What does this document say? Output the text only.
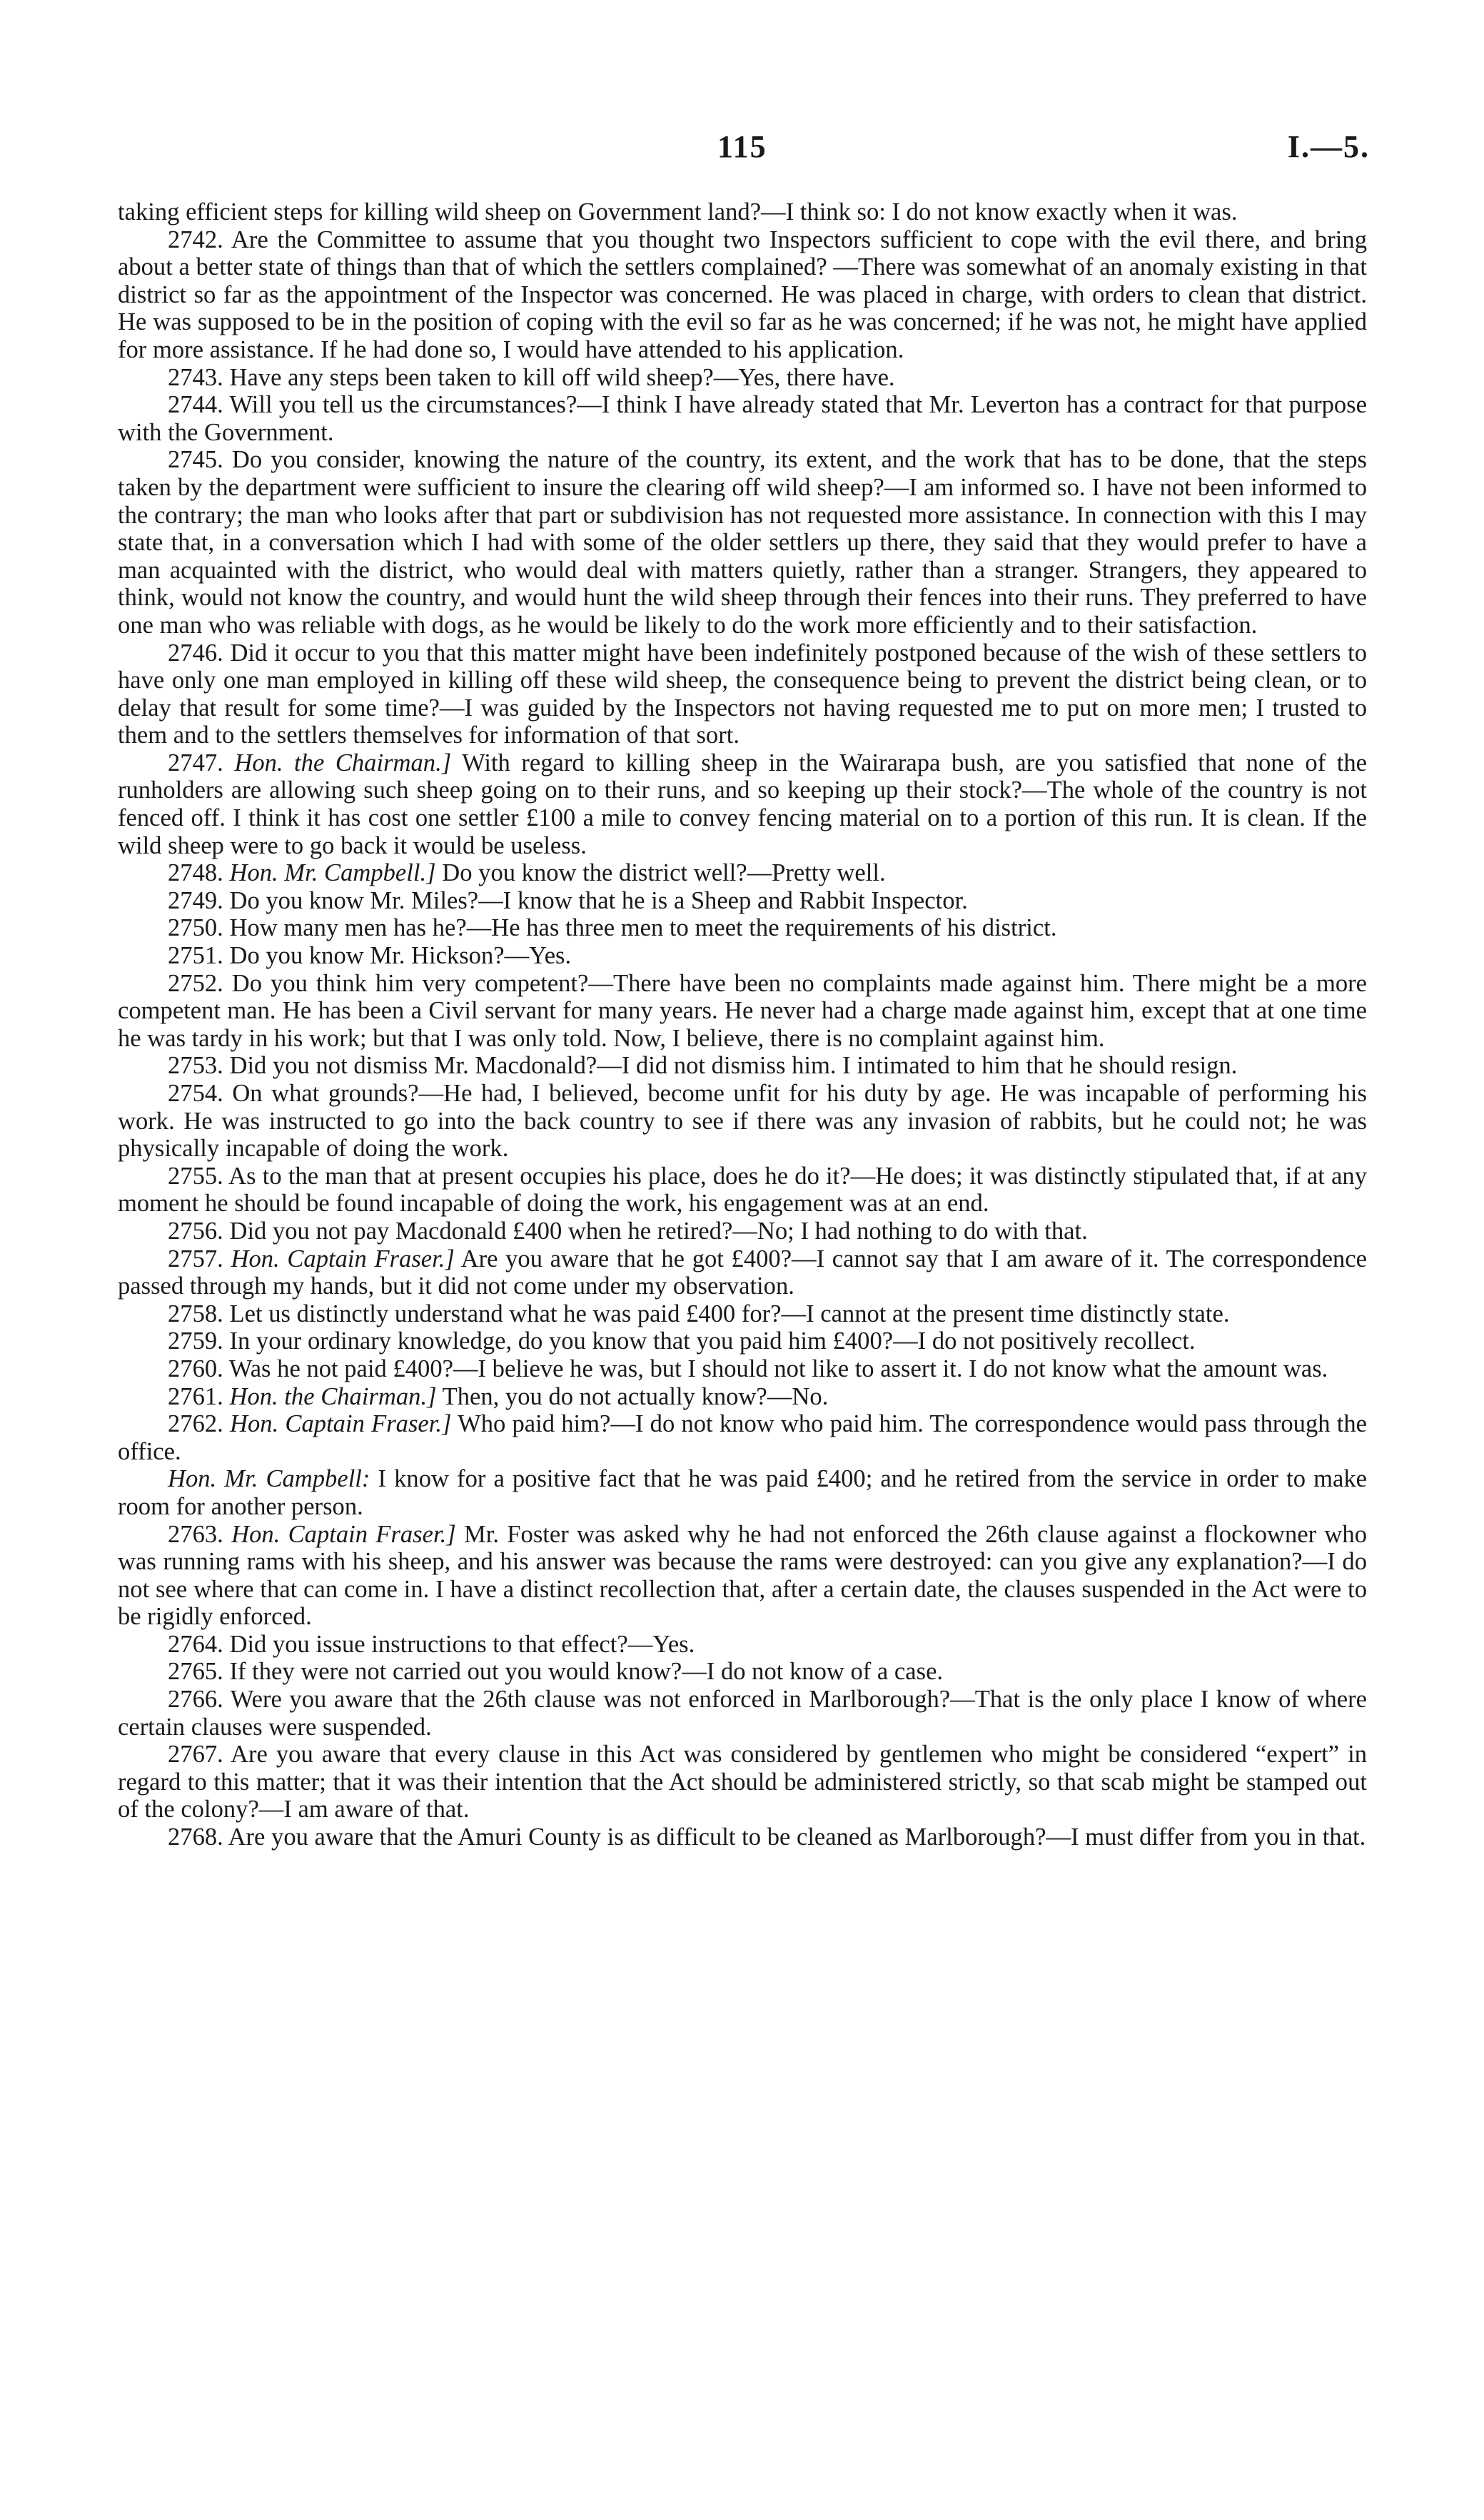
115	I.—5.

taking efficient steps for killing wild sheep on Government land?—I think so: I do not know exactly when it was.

2742. Are the Committee to assume that you thought two Inspectors sufficient to cope with the evil there, and bring about a better state of things than that of which the settlers complained? —There was somewhat of an anomaly existing in that district so far as the appointment of the Inspector was concerned. He was placed in charge, with orders to clean that district. He was supposed to be in the position of coping with the evil so far as he was concerned; if he was not, he might have applied for more assistance. If he had done so, I would have attended to his application.

2743. Have any steps been taken to kill off wild sheep?—Yes, there have.

2744. Will you tell us the circumstances?—I think I have already stated that Mr. Leverton has a contract for that purpose with the Government.

2745. Do you consider, knowing the nature of the country, its extent, and the work that has to be done, that the steps taken by the department were sufficient to insure the clearing off wild sheep?—I am informed so. I have not been informed to the contrary; the man who looks after that part or subdivision has not requested more assistance. In connection with this I may state that, in a conversation which I had with some of the older settlers up there, they said that they would prefer to have a man acquainted with the district, who would deal with matters quietly, rather than a stranger. Strangers, they appeared to think, would not know the country, and would hunt the wild sheep through their fences into their runs. They preferred to have one man who was reliable with dogs, as he would be likely to do the work more efficiently and to their satisfaction.

2746. Did it occur to you that this matter might have been indefinitely postponed because of the wish of these settlers to have only one man employed in killing off these wild sheep, the consequence being to prevent the district being clean, or to delay that result for some time?—I was guided by the Inspectors not having requested me to put on more men; I trusted to them and to the settlers themselves for information of that sort.

2747. Hon. the Chairman.] With regard to killing sheep in the Wairarapa bush, are you satisfied that none of the runholders are allowing such sheep going on to their runs, and so keeping up their stock?—The whole of the country is not fenced off. I think it has cost one settler £100 a mile to convey fencing material on to a portion of this run. It is clean. If the wild sheep were to go back it would be useless.

2748. Hon. Mr. Campbell.] Do you know the district well?—Pretty well.

2749. Do you know Mr. Miles?—I know that he is a Sheep and Rabbit Inspector.

2750. How many men has he?—He has three men to meet the requirements of his district.

2751. Do you know Mr. Hickson?—Yes.

2752. Do you think him very competent?—There have been no complaints made against him. There might be a more competent man. He has been a Civil servant for many years. He never had a charge made against him, except that at one time he was tardy in his work; but that I was only told. Now, I believe, there is no complaint against him.

2753. Did you not dismiss Mr. Macdonald?—I did not dismiss him. I intimated to him that he should resign.

2754. On what grounds?—He had, I believed, become unfit for his duty by age. He was incapable of performing his work. He was instructed to go into the back country to see if there was any invasion of rabbits, but he could not; he was physically incapable of doing the work.

2755. As to the man that at present occupies his place, does he do it?—He does; it was distinctly stipulated that, if at any moment he should be found incapable of doing the work, his engagement was at an end.

2756. Did you not pay Macdonald £400 when he retired?—No; I had nothing to do with that.

2757. Hon. Captain Fraser.] Are you aware that he got £400?—I cannot say that I am aware of it. The correspondence passed through my hands, but it did not come under my observation.

2758. Let us distinctly understand what he was paid £400 for?—I cannot at the present time distinctly state.

2759. In your ordinary knowledge, do you know that you paid him £400?—I do not positively recollect.

2760. Was he not paid £400?—I believe he was, but I should not like to assert it. I do not know what the amount was.

2761. Hon. the Chairman.] Then, you do not actually know?—No.

2762. Hon. Captain Fraser.] Who paid him?—I do not know who paid him. The correspondence would pass through the office.

Hon. Mr. Campbell: I know for a positive fact that he was paid £400; and he retired from the service in order to make room for another person.

2763. Hon. Captain Fraser.] Mr. Foster was asked why he had not enforced the 26th clause against a flockowner who was running rams with his sheep, and his answer was because the rams were destroyed: can you give any explanation?—I do not see where that can come in. I have a distinct recollection that, after a certain date, the clauses suspended in the Act were to be rigidly enforced.

2764. Did you issue instructions to that effect?—Yes.

2765. If they were not carried out you would know?—I do not know of a case.

2766. Were you aware that the 26th clause was not enforced in Marlborough?—That is the only place I know of where certain clauses were suspended.

2767. Are you aware that every clause in this Act was considered by gentlemen who might be considered “expert” in regard to this matter; that it was their intention that the Act should be administered strictly, so that scab might be stamped out of the colony?—I am aware of that.

2768. Are you aware that the Amuri County is as difficult to be cleaned as Marlborough?—I must differ from you in that.
